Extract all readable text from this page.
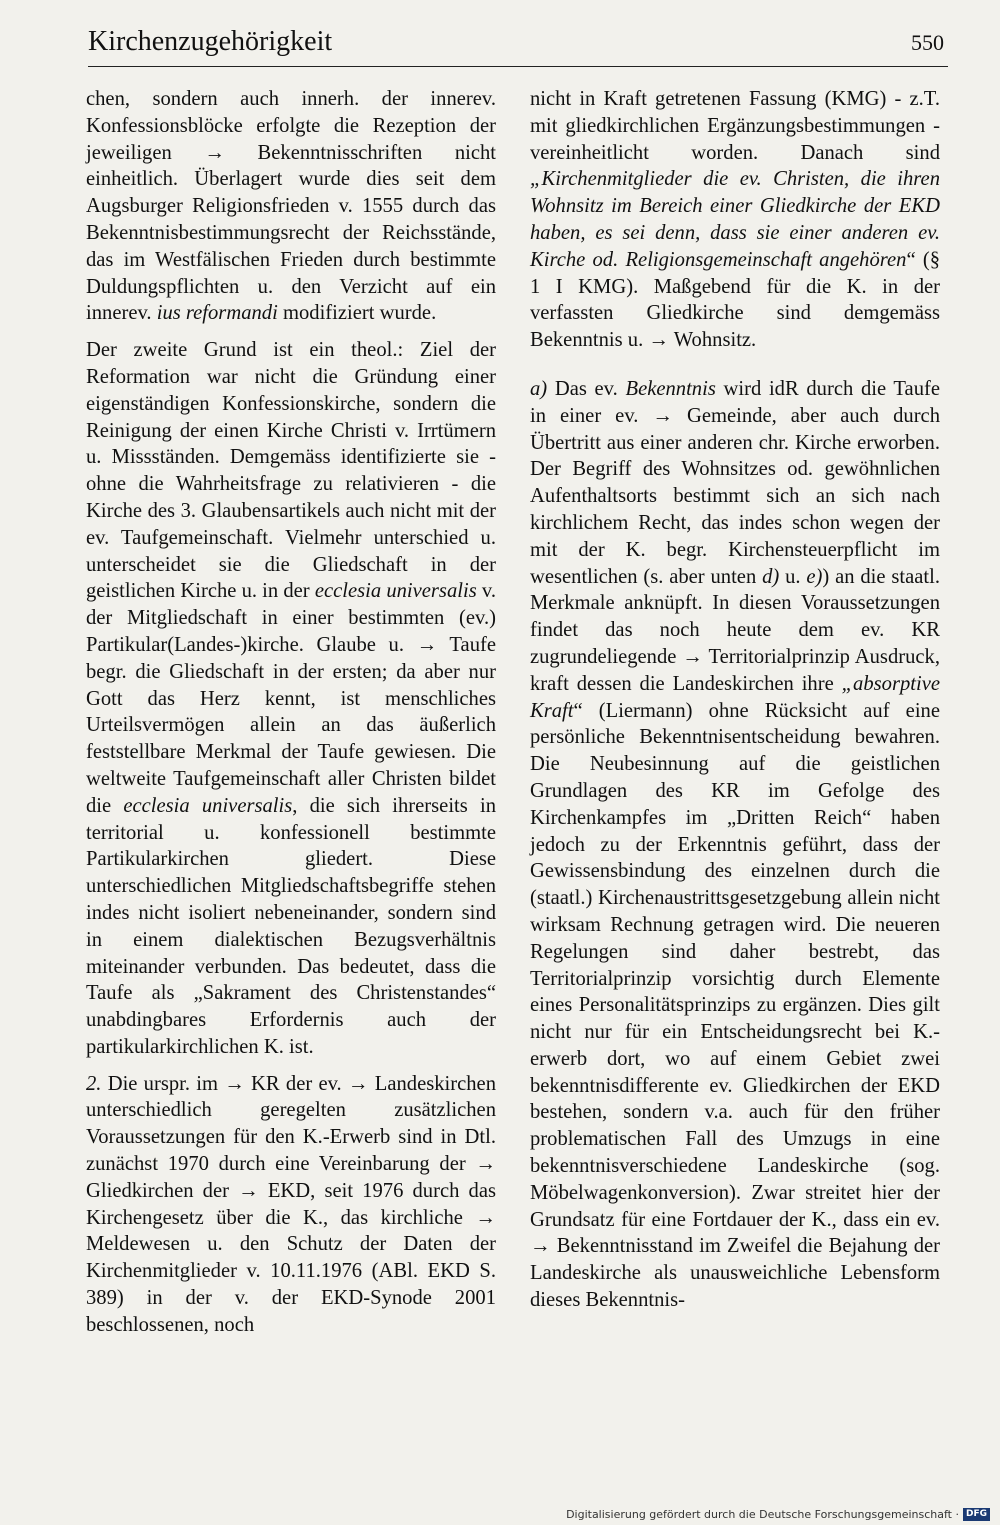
Kirchenzugehörigkeit	550

chen, sondern auch innerh. der innerev. Konfessionsblöcke erfolgte die Rezeption der jeweiligen → Bekenntnisschriften nicht einheitlich. Überlagert wurde dies seit dem Augsburger Religionsfrieden v. 1555 durch das Bekenntnisbestimmungsrecht der Reichsstände, das im Westfälischen Frieden durch bestimmte Duldungspflichten u. den Verzicht auf ein innerev. ius reformandi modifiziert wurde.

Der zweite Grund ist ein theol.: Ziel der Reformation war nicht die Gründung einer eigenständigen Konfessionskirche, sondern die Reinigung der einen Kirche Christi v. Irrtümern u. Missständen. Demgemäss identifizierte sie - ohne die Wahrheitsfrage zu relativieren - die Kirche des 3. Glaubensartikels auch nicht mit der ev. Taufgemeinschaft. Vielmehr unterschied u. unterscheidet sie die Gliedschaft in der geistlichen Kirche u. in der ecclesia universalis v. der Mitgliedschaft in einer bestimmten (ev.) Partikular(Landes-)kirche. Glaube u. → Taufe begr. die Gliedschaft in der ersten; da aber nur Gott das Herz kennt, ist menschliches Urteilsvermögen allein an das äußerlich feststellbare Merkmal der Taufe gewiesen. Die weltweite Taufgemeinschaft aller Christen bildet die ecclesia universalis, die sich ihrerseits in territorial u. konfessionell bestimmte Partikularkirchen gliedert. Diese unterschiedlichen Mitgliedschaftsbegriffe stehen indes nicht isoliert nebeneinander, sondern sind in einem dialektischen Bezugsverhältnis miteinander verbunden. Das bedeutet, dass die Taufe als „Sakrament des Christenstandes“ unabdingbares Erfordernis auch der partikularkirchlichen K. ist.

2. Die urspr. im → KR der ev. → Landeskirchen unterschiedlich geregelten zusätzlichen Voraussetzungen für den K.-Erwerb sind in Dtl. zunächst 1970 durch eine Vereinbarung der → Gliedkirchen der → EKD, seit 1976 durch das Kirchengesetz über die K., das kirchliche → Meldewesen u. den Schutz der Daten der Kirchenmitglieder v. 10.11.1976 (ABl. EKD S. 389) in der v. der EKD-Synode 2001 beschlossenen, noch

nicht in Kraft getretenen Fassung (KMG) - z.T. mit gliedkirchlichen Ergänzungsbestimmungen - vereinheitlicht worden. Danach sind „Kirchenmitglieder die ev. Christen, die ihren Wohnsitz im Bereich einer Gliedkirche der EKD haben, es sei denn, dass sie einer anderen ev. Kirche od. Religionsgemeinschaft angehören“ (§ 1 I KMG). Maßgebend für die K. in der verfassten Gliedkirche sind demgemäss Bekenntnis u. → Wohnsitz.

a) Das ev. Bekenntnis wird idR durch die Taufe in einer ev. → Gemeinde, aber auch durch Übertritt aus einer anderen chr. Kirche erworben. Der Begriff des Wohnsitzes od. gewöhnlichen Aufenthaltsorts bestimmt sich an sich nach kirchlichem Recht, das indes schon wegen der mit der K. begr. Kirchensteuerpflicht im wesentlichen (s. aber unten d) u. e)) an die staatl. Merkmale anknüpft. In diesen Voraussetzungen findet das noch heute dem ev. KR zugrundeliegende → Territorialprinzip Ausdruck, kraft dessen die Landeskirchen ihre „absorptive Kraft“ (Liermann) ohne Rücksicht auf eine persönliche Bekenntnisentscheidung bewahren. Die Neubesinnung auf die geistlichen Grundlagen des KR im Gefolge des Kirchenkampfes im „Dritten Reich“ haben jedoch zu der Erkenntnis geführt, dass der Gewissensbindung des einzelnen durch die (staatl.) Kirchenaustrittsgesetzgebung allein nicht wirksam Rechnung getragen wird. Die neueren Regelungen sind daher bestrebt, das Territorialprinzip vorsichtig durch Elemente eines Personalitätsprinzips zu ergänzen. Dies gilt nicht nur für ein Entscheidungsrecht bei K.-erwerb dort, wo auf einem Gebiet zwei bekenntnisdifferente ev. Gliedkirchen der EKD bestehen, sondern v.a. auch für den früher problematischen Fall des Umzugs in eine bekenntnisverschiedene Landeskirche (sog. Möbelwagenkonversion). Zwar streitet hier der Grundsatz für eine Fortdauer der K., dass ein ev. → Bekenntnisstand im Zweifel die Bejahung der Landeskirche als unausweichliche Lebensform dieses Bekenntnis-

Digitalisierung gefördert durch die Deutsche Forschungsgemeinschaft · DFG
